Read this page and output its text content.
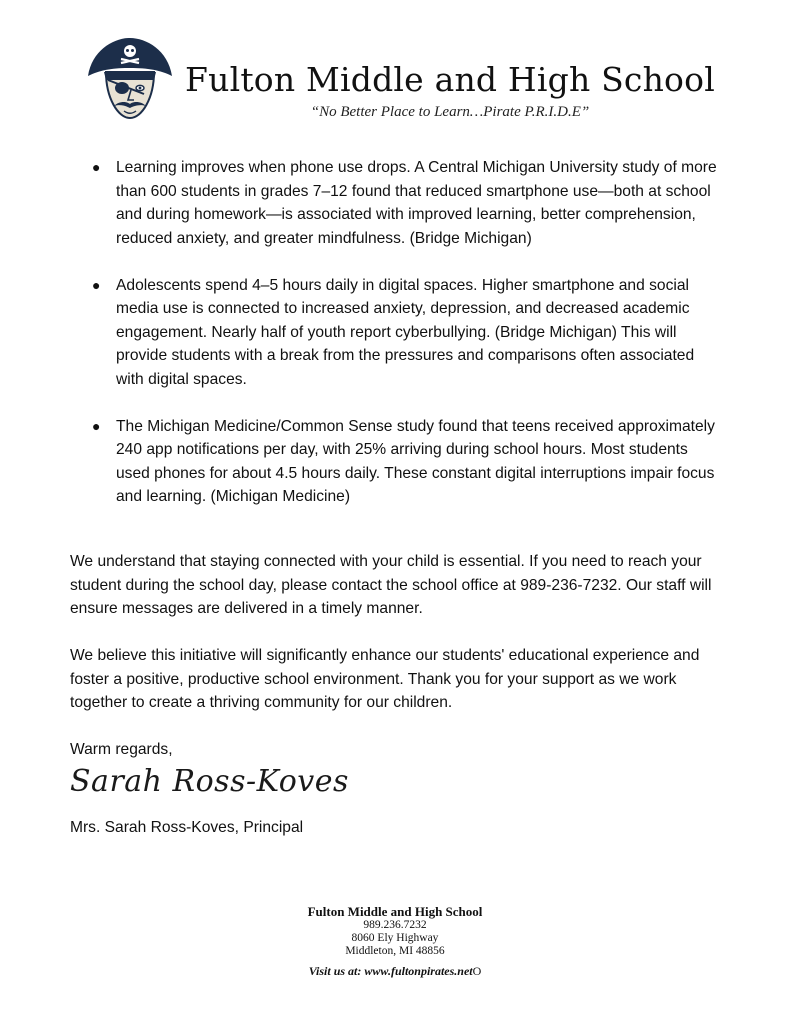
Fulton Middle and High School
“No Better Place to Learn…Pirate P.R.I.D.E”
● Learning improves when phone use drops. A Central Michigan University study of more than 600 students in grades 7–12 found that reduced smartphone use—both at school and during homework—is associated with improved learning, better comprehension, reduced anxiety, and greater mindfulness. (Bridge Michigan)
● Adolescents spend 4–5 hours daily in digital spaces. Higher smartphone and social media use is connected to increased anxiety, depression, and decreased academic engagement. Nearly half of youth report cyberbullying. (Bridge Michigan) This will provide students with a break from the pressures and comparisons often associated with digital spaces.
● The Michigan Medicine/Common Sense study found that teens received approximately 240 app notifications per day, with 25% arriving during school hours. Most students used phones for about 4.5 hours daily. These constant digital interruptions impair focus and learning. (Michigan Medicine)

We understand that staying connected with your child is essential. If you need to reach your student during the school day, please contact the school office at 989-236-7232. Our staff will ensure messages are delivered in a timely manner.

We believe this initiative will significantly enhance our students' educational experience and foster a positive, productive school environment. Thank you for your support as we work together to create a thriving community for our children.

Warm regards,

Sarah Ross-Koves

Mrs. Sarah Ross-Koves, Principal

Fulton Middle and High School
989.236.7232
8060 Ely Highway
Middleton, MI 48856
Visit us at: www.fultonpirates.netO
